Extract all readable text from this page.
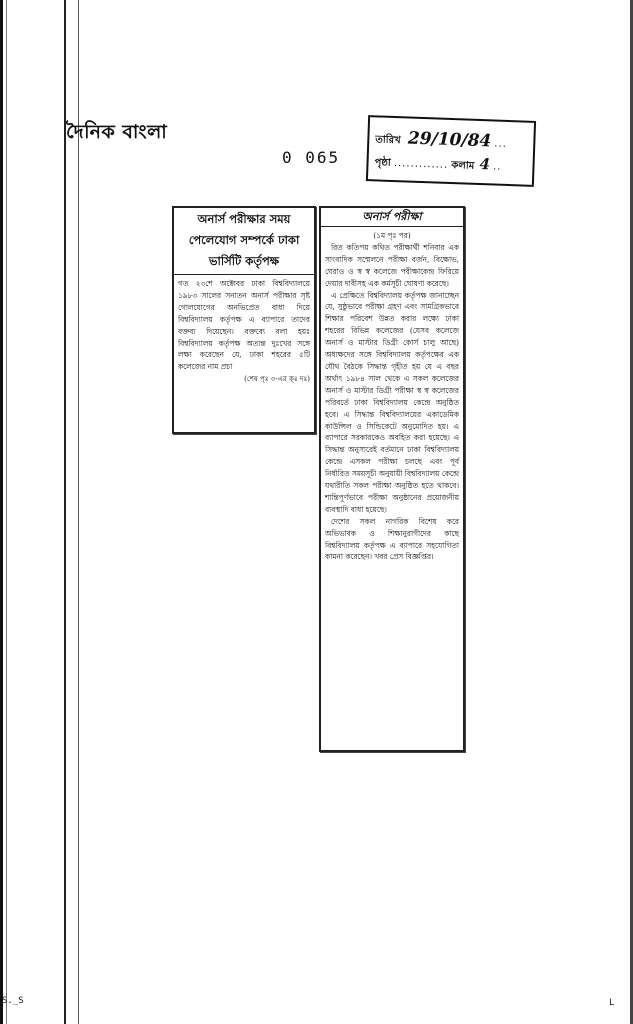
দৈনিক বাংলা
0 065
তারিখ 29/10/84 ...
পৃষ্ঠা ............. কলাম 4 ..
অনার্স পরীক্ষার সময় পেলেযোগ সম্পর্কে ঢাকা ভার্সিটি কর্তৃপক্ষ
গত ২৩শে অক্টোবর ঢাকা বিশ্ববিদ্যালয়ে ১৯৮৩ সালের সনাতন অনার্স পরীক্ষার সৃষ্ট গোলযোগের অনভিপ্রেত বাধা দিয়ে বিশ্ববিদ্যালয় কর্তৃপক্ষ এ ব্যাপারে তাদের বক্তব্য দিয়েছেন। বক্তব্যে বলা হয়ঃ বিশ্ববিদ্যালয় কর্তৃপক্ষ অত্যন্ত দুঃখের সঙ্গে লক্ষ্য করেছেন যে, ঢাকা শহরের ৫টি কলেজের নাম প্রচা
(শেষ পৃঃ ৩-এর ক্ঃ দঃ)
অনার্স পরীক্ষা
(১ম পৃঃ পর)
রিত কতিপয় কথিত পরীক্ষার্থী শনিবার এক সাংবাদিক সম্মেলনে পরীক্ষা বর্জন, বিক্ষোভ, ঘেরাও ও স্ব স্ব কলেজে পরীক্ষাকেন্দ্র ফিরিয়ে দেয়ার দাবীসহ এক কর্মসূচী ঘোষণা করেছে।
এ প্রেক্ষিতে বিশ্ববিদ্যালয় কর্তৃপক্ষ জানাচ্ছেন যে, সুষ্ঠুভাবে পরীক্ষা গ্রহণ এবং সামগ্রিকভাবে শিক্ষার পরিবেশ উন্নত করার লক্ষ্যে ঢাকা শহরের বিভিন্ন কলেজের (যেসব কলেজে অনার্স ও মাস্টার ডিগ্রী কোর্স চালু আছে) অধ্যক্ষদের সঙ্গে বিশ্ববিদ্যালয় কর্তৃপক্ষের এক যৌথ বৈঠকে সিদ্ধান্ত গৃহীত হয় যে এ বছর অর্থাৎ ১৯৮৪ সাল থেকে এ সকল কলেজের অনার্স ও মাস্টার ডিগ্রী পরীক্ষা স্ব স্ব কলেজের পরিবর্তে ঢাকা বিশ্ববিদ্যালয় কেন্দ্রে অনুষ্ঠিত হবে। এ সিদ্ধান্ত বিশ্ববিদ্যালয়ের একাডেমিক কাউন্সিল ও সিন্ডিকেটে অনুমোদিত হয়। এ ব্যাপারে সরকারকেও অবহিত করা হয়েছে। এ সিদ্ধান্ত অনুসারেই বর্তমানে ঢাকা বিশ্ববিদ্যালয় কেন্দ্রে এসকল পরীক্ষা চলছে এবং পূর্ব নির্ধারিত সময়সূচী অনুযায়ী বিশ্ববিদ্যালয় কেন্দ্রে যথারীতি সকল পরীক্ষা অনুষ্ঠিত হতে থাকবে। শান্তিপূর্ণভাবে পরীক্ষা অনুষ্ঠানের প্রয়োজনীয় ব্যবস্থাদি বাধা হয়েছে।
দেশের সকল নাগরিক বিশেষ করে অভিভাবক ও শিক্ষানুরাগীদের কাছে বিশ্ববিদ্যালয় কর্তৃপক্ষ এ ব্যাপারে সহযোগিতা কামনা করেছেন। খবর প্রেস বিজ্ঞপ্তির।
S._S	L
